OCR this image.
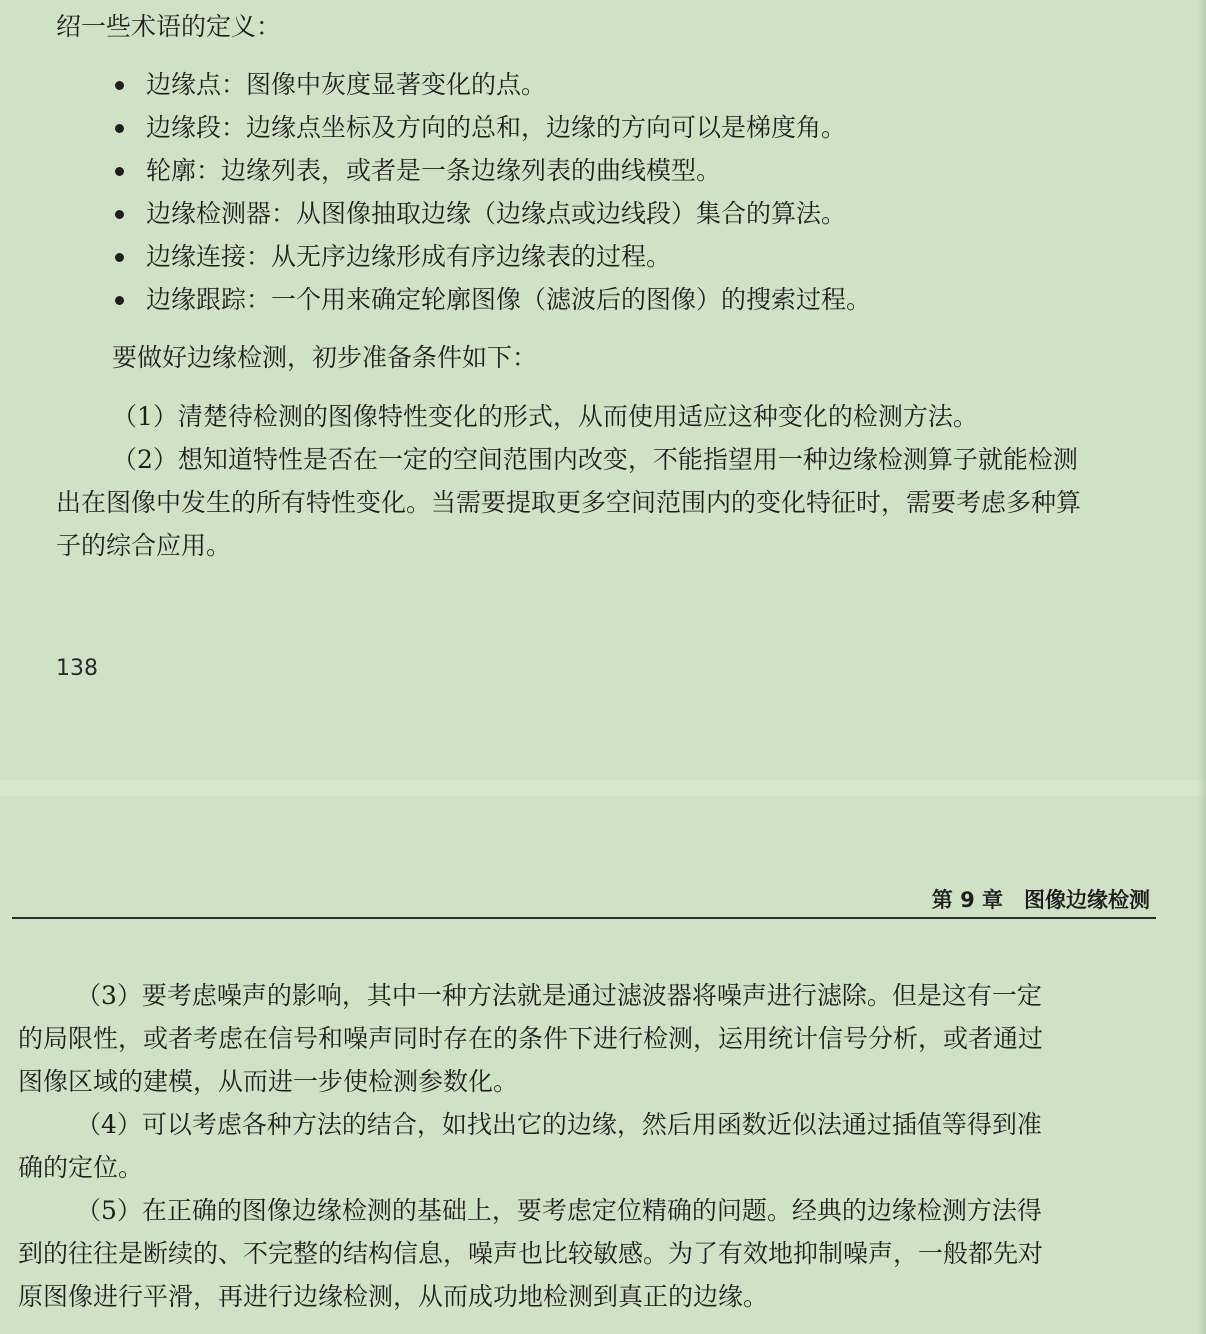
绍一些术语的定义：
边缘点：图像中灰度显著变化的点。
边缘段：边缘点坐标及方向的总和，边缘的方向可以是梯度角。
轮廓：边缘列表，或者是一条边缘列表的曲线模型。
边缘检测器：从图像抽取边缘（边缘点或边线段）集合的算法。
边缘连接：从无序边缘形成有序边缘表的过程。
边缘跟踪：一个用来确定轮廓图像（滤波后的图像）的搜索过程。
要做好边缘检测，初步准备条件如下：
（1）清楚待检测的图像特性变化的形式，从而使用适应这种变化的检测方法。
（2）想知道特性是否在一定的空间范围内改变，不能指望用一种边缘检测算子就能检测
出在图像中发生的所有特性变化。当需要提取更多空间范围内的变化特征时，需要考虑多种算
子的综合应用。
138
第 9 章　图像边缘检测
（3）要考虑噪声的影响，其中一种方法就是通过滤波器将噪声进行滤除。但是这有一定
的局限性，或者考虑在信号和噪声同时存在的条件下进行检测，运用统计信号分析，或者通过
图像区域的建模，从而进一步使检测参数化。
（4）可以考虑各种方法的结合，如找出它的边缘，然后用函数近似法通过插值等得到准
确的定位。
（5）在正确的图像边缘检测的基础上，要考虑定位精确的问题。经典的边缘检测方法得
到的往往是断续的、不完整的结构信息，噪声也比较敏感。为了有效地抑制噪声，一般都先对
原图像进行平滑，再进行边缘检测，从而成功地检测到真正的边缘。
